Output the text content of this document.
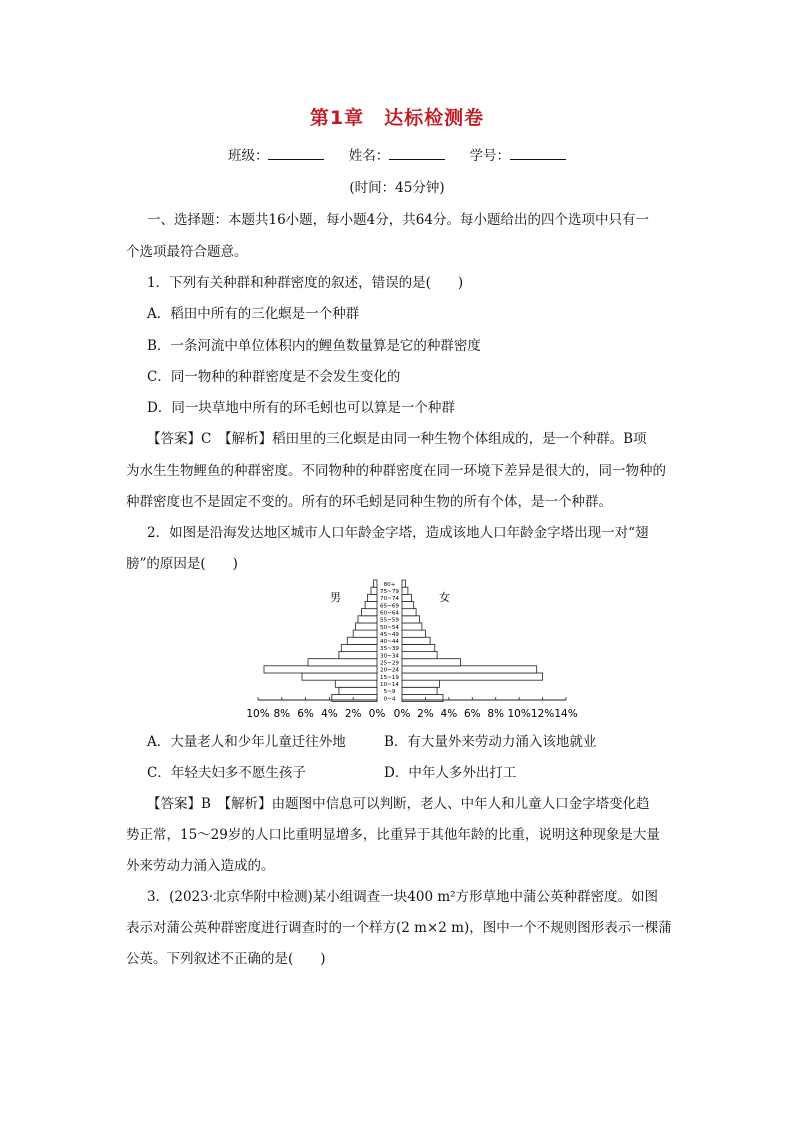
第1章 达标检测卷
班级：	姓名：	学号：
(时间：45分钟)
一、选择题：本题共16小题，每小题4分，共64分。每小题给出的四个选项中只有一
个选项最符合题意。
1．下列有关种群和种群密度的叙述，错误的是(　　)
A．稻田中所有的三化螟是一个种群
B．一条河流中单位体积内的鲤鱼数量算是它的种群密度
C．同一物种的种群密度是不会发生变化的
D．同一块草地中所有的环毛蚓也可以算是一个种群
【答案】C　【解析】稻田里的三化螟是由同一种生物个体组成的，是一个种群。B项
为水生生物鲤鱼的种群密度。不同物种的种群密度在同一环境下差异是很大的，同一物种的
种群密度也不是固定不变的。所有的环毛蚓是同种生物的所有个体，是一个种群。
2．如图是沿海发达地区城市人口年龄金字塔，造成该地人口年龄金字塔出现一对“翅
膀”的原因是(　　)
男	女
0~4
5~9
10~14
15~19
20~24
25~29
30~34
35~39
40~44
45~49
50~54
55~59
60~64
65~69
70~74
75~79
80+
10% 8% 6% 4% 2% 0% 0% 2% 4% 6% 8% 10% 12% 14%
A．大量老人和少年儿童迁往外地	B．有大量外来劳动力涌入该地就业
C．年轻夫妇多不愿生孩子	D．中年人多外出打工
【答案】B　【解析】由题图中信息可以判断，老人、中年人和儿童人口金字塔变化趋
势正常，15～29岁的人口比重明显增多，比重异于其他年龄的比重，说明这种现象是大量
外来劳动力涌入造成的。
3．(2023·北京华附中检测)某小组调查一块400 m²方形草地中蒲公英种群密度。如图
表示对蒲公英种群密度进行调查时的一个样方(2 m×2 m)，图中一个不规则图形表示一棵蒲
公英。下列叙述不正确的是(　　)
